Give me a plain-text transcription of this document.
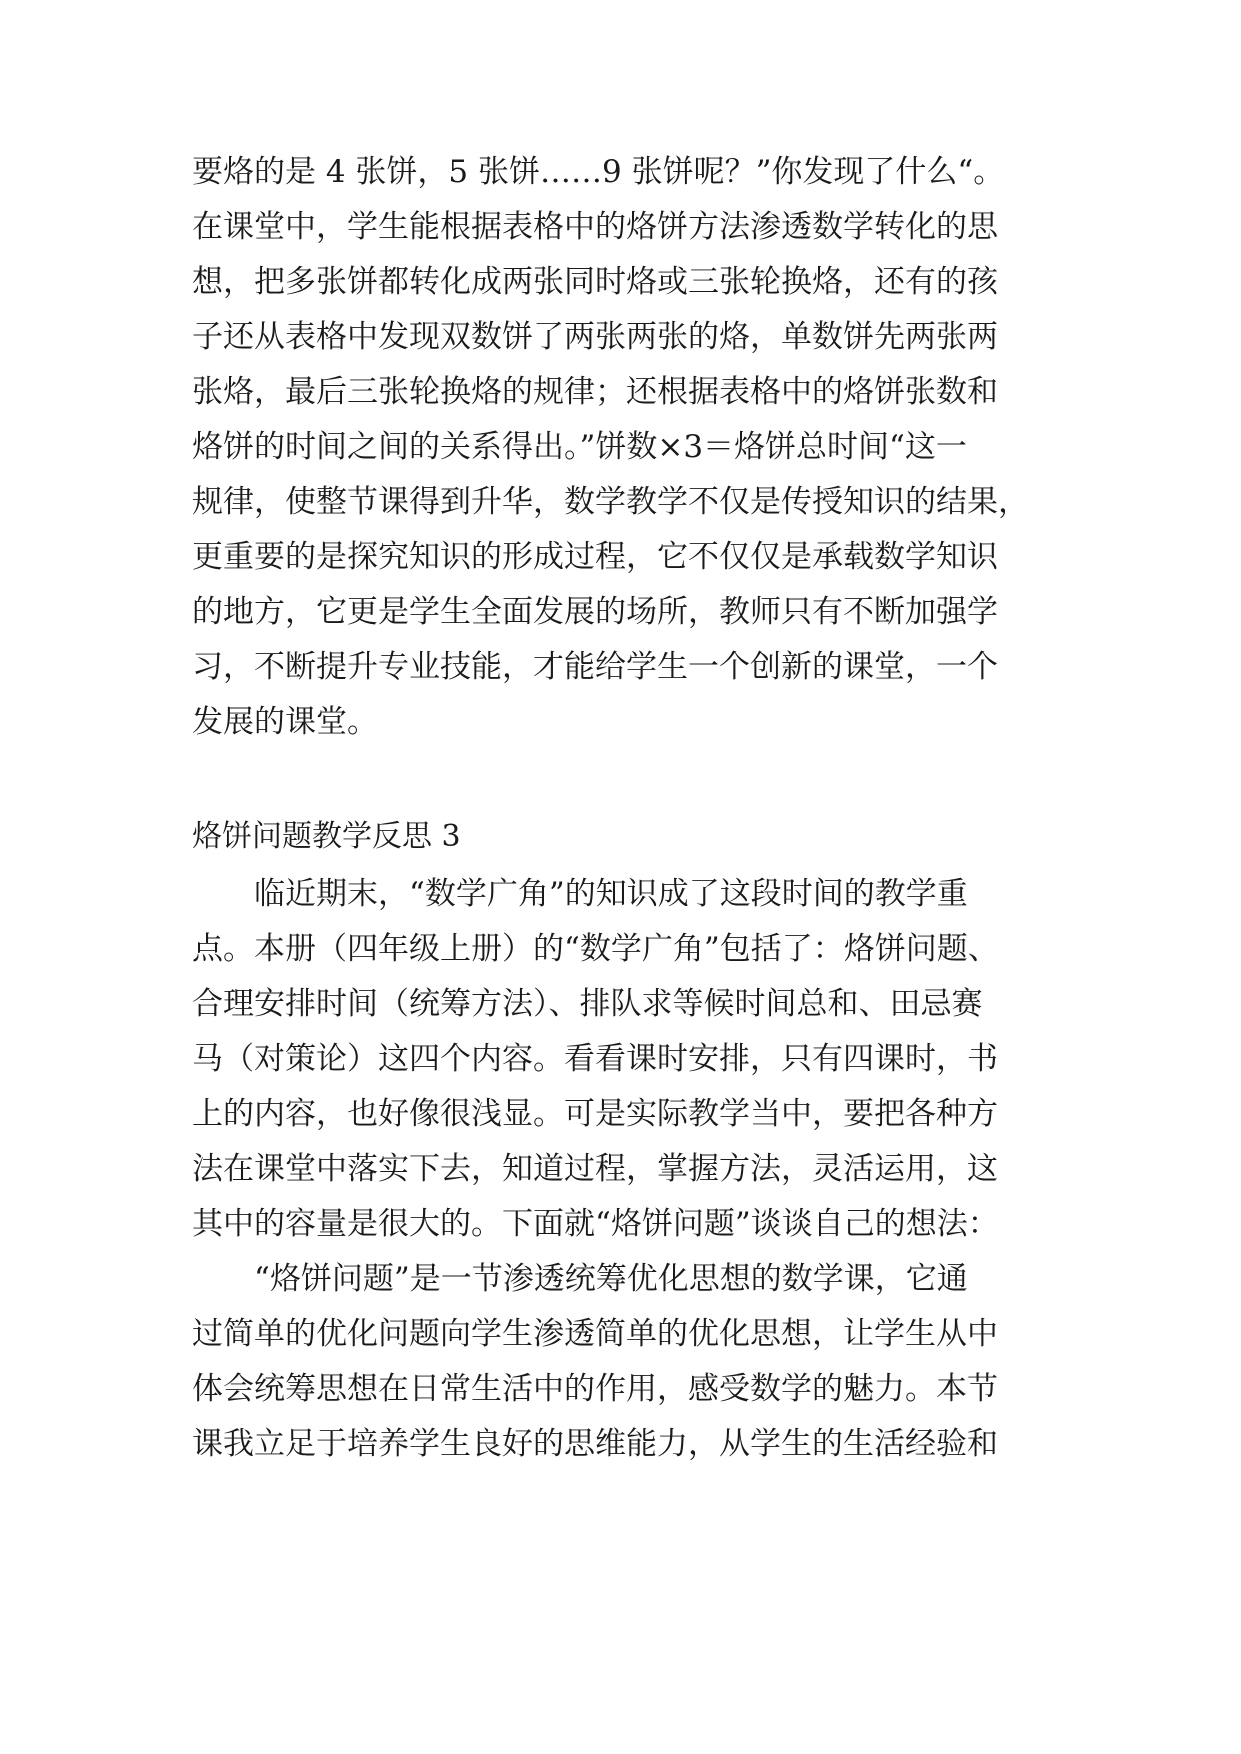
要烙的是 4 张饼，5 张饼……9 张饼呢？”你发现了什么“。
在课堂中，学生能根据表格中的烙饼方法渗透数学转化的思
想，把多张饼都转化成两张同时烙或三张轮换烙，还有的孩
子还从表格中发现双数饼了两张两张的烙，单数饼先两张两
张烙，最后三张轮换烙的规律；还根据表格中的烙饼张数和
烙饼的时间之间的关系得出。”饼数×3＝烙饼总时间“这一
规律，使整节课得到升华，数学教学不仅是传授知识的结果，
更重要的是探究知识的形成过程，它不仅仅是承载数学知识
的地方，它更是学生全面发展的场所，教师只有不断加强学
习，不断提升专业技能，才能给学生一个创新的课堂，一个
发展的课堂。
烙饼问题教学反思 3
　　临近期末，“数学广角”的知识成了这段时间的教学重
点。本册（四年级上册）的“数学广角”包括了：烙饼问题、
合理安排时间（统筹方法）、排队求等候时间总和、田忌赛
马（对策论）这四个内容。看看课时安排，只有四课时，书
上的内容，也好像很浅显。可是实际教学当中，要把各种方
法在课堂中落实下去，知道过程，掌握方法，灵活运用，这
其中的容量是很大的。下面就“烙饼问题”谈谈自己的想法：
　　“烙饼问题”是一节渗透统筹优化思想的数学课，它通
过简单的优化问题向学生渗透简单的优化思想，让学生从中
体会统筹思想在日常生活中的作用，感受数学的魅力。本节
课我立足于培养学生良好的思维能力，从学生的生活经验和
